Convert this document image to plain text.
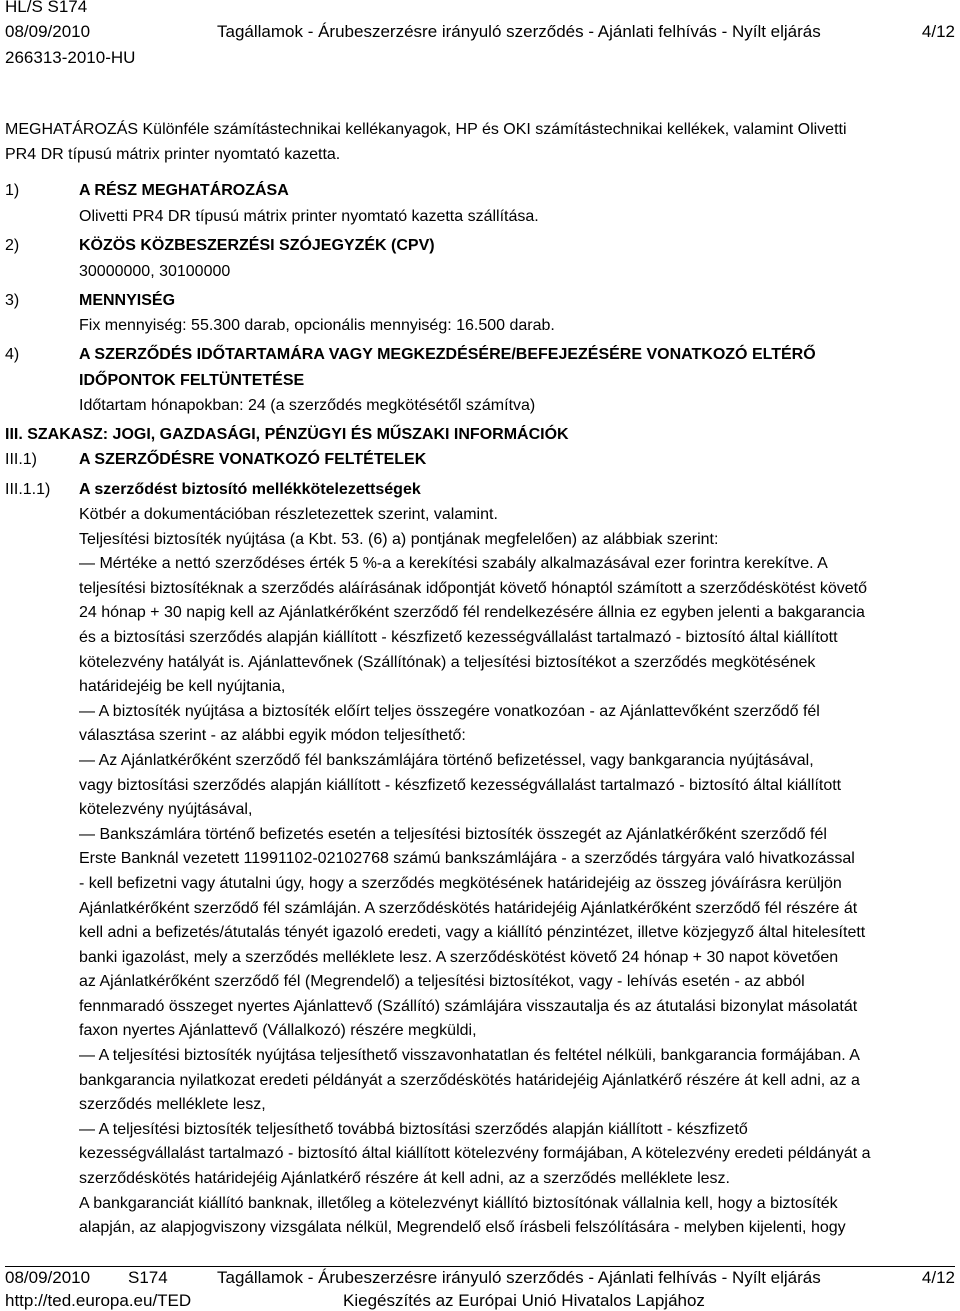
HL/S S174
08/09/2010
266313-2010-HU
Tagállamok - Árubeszerzésre irányuló szerződés - Ajánlati felhívás - Nyílt eljárás	4/12
MEGHATÁROZÁS Különféle számítástechnikai kellékanyagok, HP és OKI számítástechnikai kellékek, valamint Olivetti
PR4 DR típusú mátrix printer nyomtató kazetta.
1)	A RÉSZ MEGHATÁROZÁSA
Olivetti PR4 DR típusú mátrix printer nyomtató kazetta szállítása.
2)	KÖZÖS KÖZBESZERZÉSI SZÓJEGYZÉK (CPV)
30000000, 30100000
3)	MENNYISÉG
Fix mennyiség: 55.300 darab, opcionális mennyiség: 16.500 darab.
4)	A SZERZŐDÉS IDŐTARTAMÁRA VAGY MEGKEZDÉSÉRE/BEFEJEZÉSÉRE VONATKOZÓ ELTÉRŐ
IDŐPONTOK FELTÜNTETÉSE
Időtartam hónapokban: 24 (a szerződés megkötésétől számítva)
III. SZAKASZ: JOGI, GAZDASÁGI, PÉNZÜGYI ÉS MŰSZAKI INFORMÁCIÓK
III.1)	A SZERZŐDÉSRE VONATKOZÓ FELTÉTELEK
III.1.1) A szerződést biztosító mellékkötelezettségek
Kötbér a dokumentációban részletezettek szerint, valamint.
Teljesítési biztosíték nyújtása (a Kbt. 53. (6) a) pontjának megfelelően) az alábbiak szerint:
— Mértéke a nettó szerződéses érték 5 %-a a kerekítési szabály alkalmazásával ezer forintra kerekítve. A
teljesítési biztosítéknak a szerződés aláírásának időpontját követő hónaptól számított a szerződéskötést követő
24 hónap + 30 napig kell az Ajánlatkérőként szerződő fél rendelkezésére állnia ez egyben jelenti a bakgarancia
és a biztosítási szerződés alapján kiállított - készfizető kezességvállalást tartalmazó - biztosító által kiállított
kötelezvény hatályát is. Ajánlattevőnek (Szállítónak) a teljesítési biztosítékot a szerződés megkötésének
határidejéig be kell nyújtania,
— A biztosíték nyújtása a biztosíték előírt teljes összegére vonatkozóan - az Ajánlattevőként szerződő fél
választása szerint - az alábbi egyik módon teljesíthető:
— Az Ajánlatkérőként szerződő fél bankszámlájára történő befizetéssel, vagy bankgarancia nyújtásával,
vagy biztosítási szerződés alapján kiállított - készfizető kezességvállalást tartalmazó - biztosító által kiállított
kötelezvény nyújtásával,
— Bankszámlára történő befizetés esetén a teljesítési biztosíték összegét az Ajánlatkérőként szerződő fél
Erste Banknál vezetett 11991102-02102768 számú bankszámlájára - a szerződés tárgyára való hivatkozással
- kell befizetni vagy átutalni úgy, hogy a szerződés megkötésének határidejéig az összeg jóváírásra kerüljön
Ajánlatkérőként szerződő fél számláján. A szerződéskötés határidejéig Ajánlatkérőként szerződő fél részére át
kell adni a befizetés/átutalás tényét igazoló eredeti, vagy a kiállító pénzintézet, illetve közjegyző által hitelesített
banki igazolást, mely a szerződés melléklete lesz. A szerződéskötést követő 24 hónap + 30 napot követően
az Ajánlatkérőként szerződő fél (Megrendelő) a teljesítési biztosítékot, vagy - lehívás esetén - az abból
fennmaradó összeget nyertes Ajánlattevő (Szállító) számlájára visszautalja és az átutalási bizonylat másolatát
faxon nyertes Ajánlattevő (Vállalkozó) részére megküldi,
— A teljesítési biztosíték nyújtása teljesíthető visszavonhatatlan és feltétel nélküli, bankgarancia formájában. A
bankgarancia nyilatkozat eredeti példányát a szerződéskötés határidejéig Ajánlatkérő részére át kell adni, az a
szerződés melléklete lesz,
— A teljesítési biztosíték teljesíthető továbbá biztosítási szerződés alapján kiállított - készfizető
kezességvállalást tartalmazó - biztosító által kiállított kötelezvény formájában, A kötelezvény eredeti példányát a
szerződéskötés határidejéig Ajánlatkérő részére át kell adni, az a szerződés melléklete lesz.
A bankgaranciát kiállító banknak, illetőleg a kötelezvényt kiállító biztosítónak vállalnia kell, hogy a biztosíték
alapján, az alapjogviszony vizsgálata nélkül, Megrendelő első írásbeli felszólítására - melyben kijelenti, hogy
08/09/2010 S174	Tagállamok - Árubeszerzésre irányuló szerződés - Ajánlati felhívás - Nyílt eljárás	4/12
http://ted.europa.eu/TED	Kiegészítés az Európai Unió Hivatalos Lapjához
